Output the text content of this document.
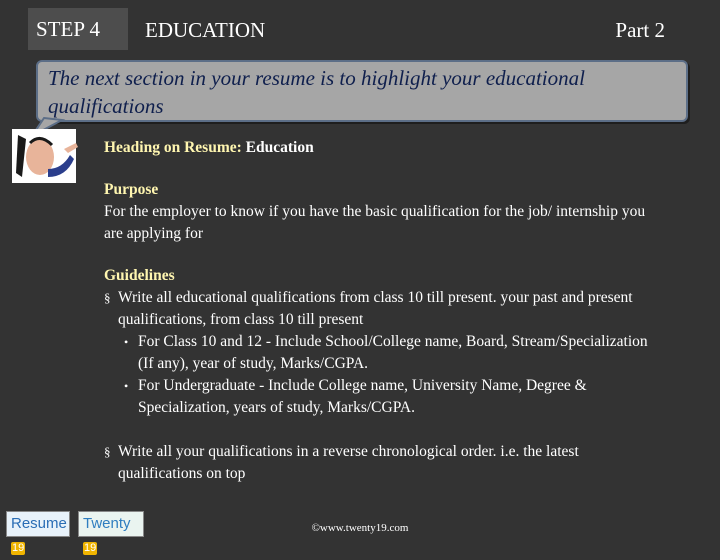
STEP 4	EDUCATION	Part 2
The next section in your resume is to highlight your educational qualifications

Heading on Resume: Education

Purpose

For the employer to know if you have the basic qualification for the job/ internship you are applying for

Guidelines

§ Write all educational qualifications from class 10 till present. your past and present qualifications, from class 10 till present

• For Class 10 and 12 - Include School/College name, Board, Stream/Specialization (If any), year of study, Marks/CGPA.

• For Undergraduate - Include College name, University Name, Degree & Specialization, years of study, Marks/CGPA.

§ Write all your qualifications in a reverse chronological order. i.e. the latest qualifications on top

Resume19
Twenty19
©www.twenty19.com
